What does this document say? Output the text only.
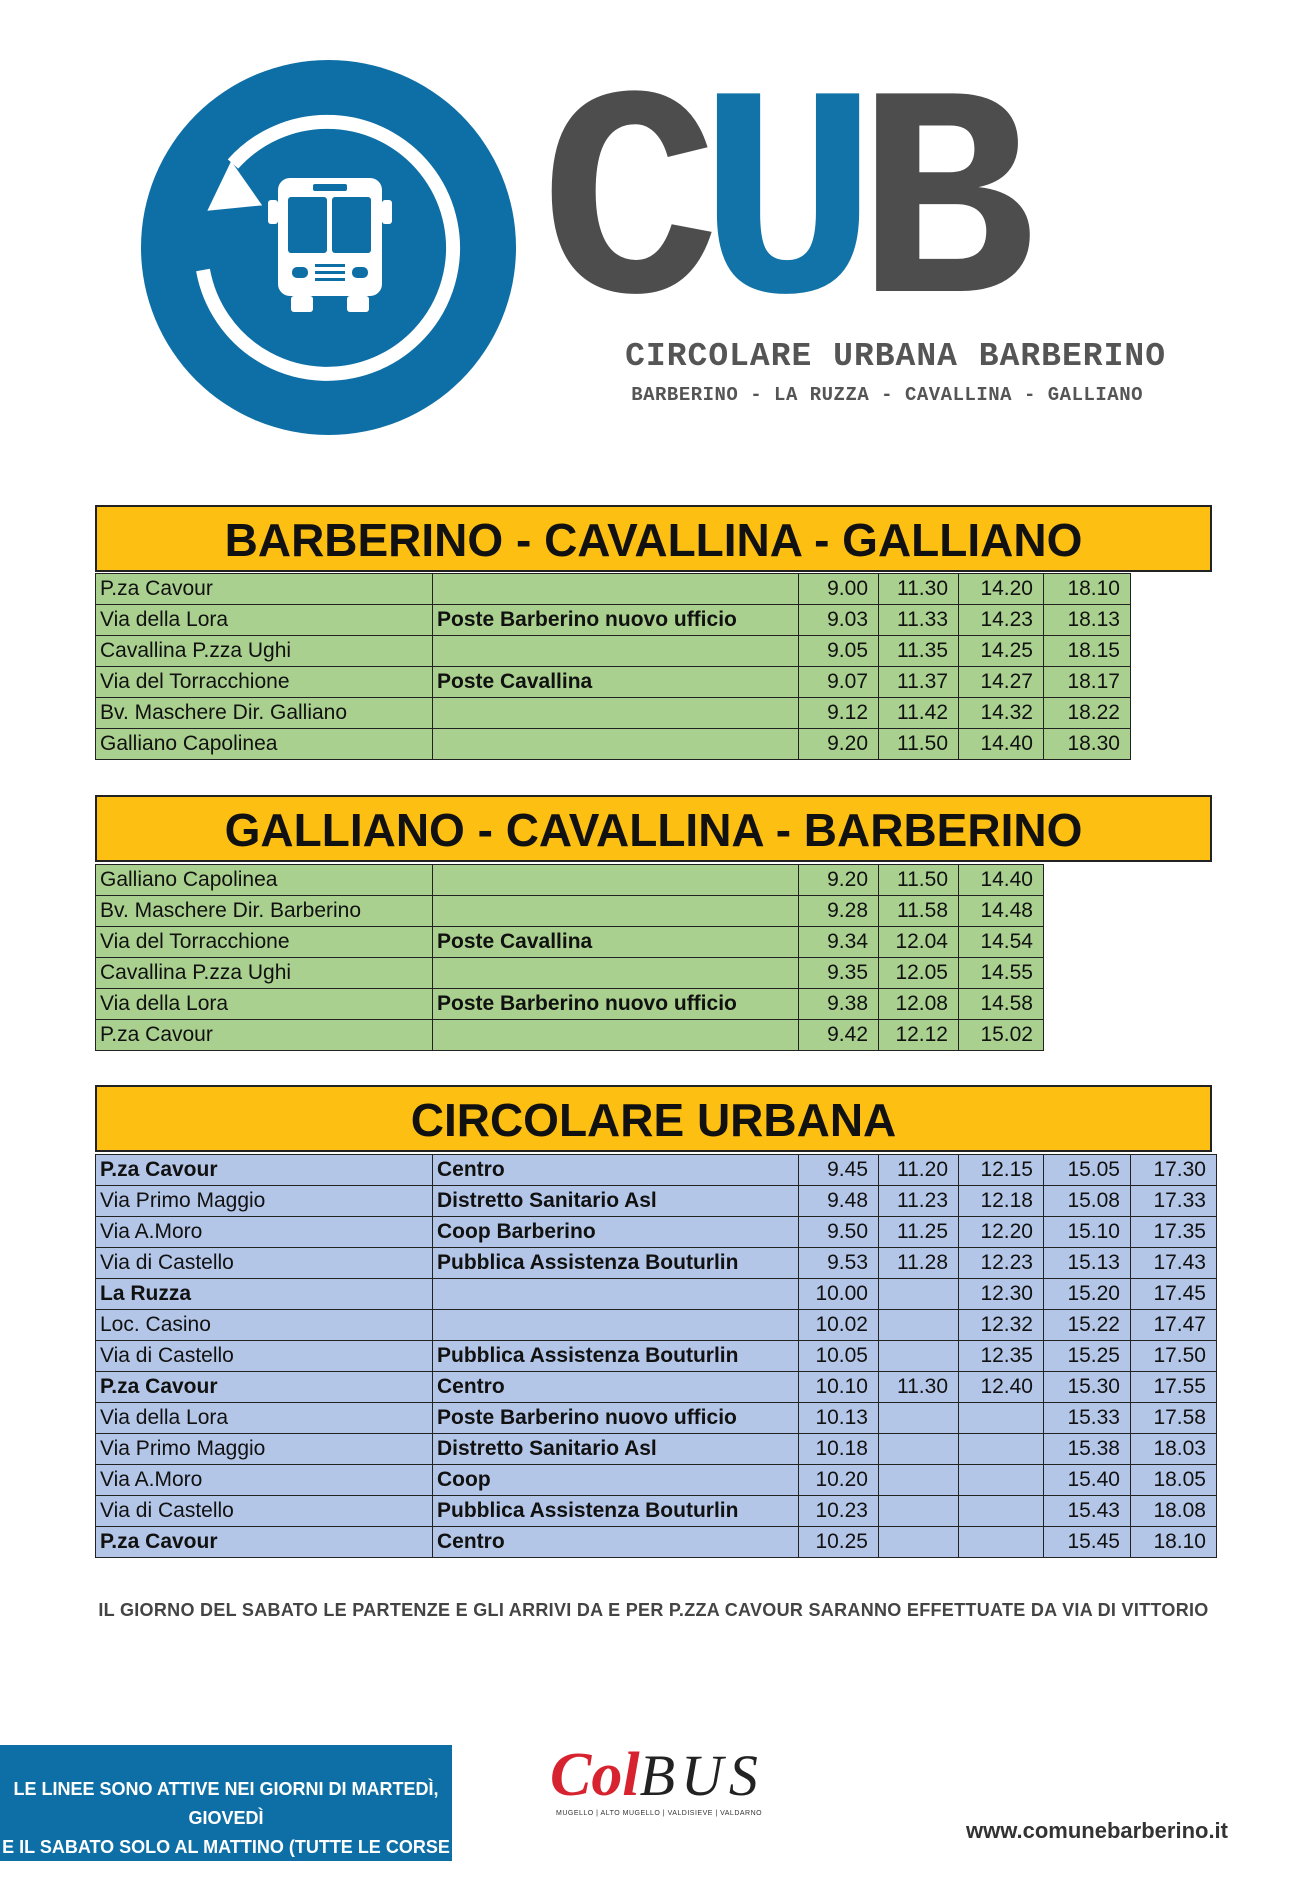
CUB
CIRCOLARE URBANA BARBERINO
BARBERINO - LA RUZZA - CAVALLINA - GALLIANO
BARBERINO - CAVALLINA - GALLIANO
P.za Cavour		9.00	11.30	14.20	18.10
Via della Lora	Poste Barberino nuovo ufficio	9.03	11.33	14.23	18.13
Cavallina P.zza Ughi		9.05	11.35	14.25	18.15
Via del Torracchione	Poste Cavallina	9.07	11.37	14.27	18.17
Bv. Maschere Dir. Galliano		9.12	11.42	14.32	18.22
Galliano Capolinea		9.20	11.50	14.40	18.30
GALLIANO - CAVALLINA - BARBERINO
Galliano Capolinea		9.20	11.50	14.40
Bv. Maschere Dir. Barberino		9.28	11.58	14.48
Via del Torracchione	Poste Cavallina	9.34	12.04	14.54
Cavallina P.zza Ughi		9.35	12.05	14.55
Via della Lora	Poste Barberino nuovo ufficio	9.38	12.08	14.58
P.za Cavour		9.42	12.12	15.02
CIRCOLARE URBANA
P.za Cavour	Centro	9.45	11.20	12.15	15.05	17.30
Via Primo Maggio	Distretto Sanitario Asl	9.48	11.23	12.18	15.08	17.33
Via A.Moro	Coop Barberino	9.50	11.25	12.20	15.10	17.35
Via di Castello	Pubblica Assistenza Bouturlin	9.53	11.28	12.23	15.13	17.43
La Ruzza		10.00		12.30	15.20	17.45
Loc. Casino		10.02		12.32	15.22	17.47
Via di Castello	Pubblica Assistenza Bouturlin	10.05		12.35	15.25	17.50
P.za Cavour	Centro	10.10	11.30	12.40	15.30	17.55
Via della Lora	Poste Barberino nuovo ufficio	10.13			15.33	17.58
Via Primo Maggio	Distretto Sanitario Asl	10.18			15.38	18.03
Via A.Moro	Coop	10.20			15.40	18.05
Via di Castello	Pubblica Assistenza Bouturlin	10.23			15.43	18.08
P.za Cavour	Centro	10.25			15.45	18.10
IL GIORNO DEL SABATO LE PARTENZE E GLI ARRIVI DA E PER P.ZZA CAVOUR SARANNO EFFETTUATE DA VIA DI VITTORIO
LE LINEE SONO ATTIVE NEI GIORNI DI MARTEDÌ, GIOVEDÌ
E IL SABATO SOLO AL MATTINO (TUTTE LE CORSE ENTRO LE 13)
ColBUS
MUGELLO | ALTO MUGELLO | VALDISIEVE | VALDARNO
www.comunebarberino.it
